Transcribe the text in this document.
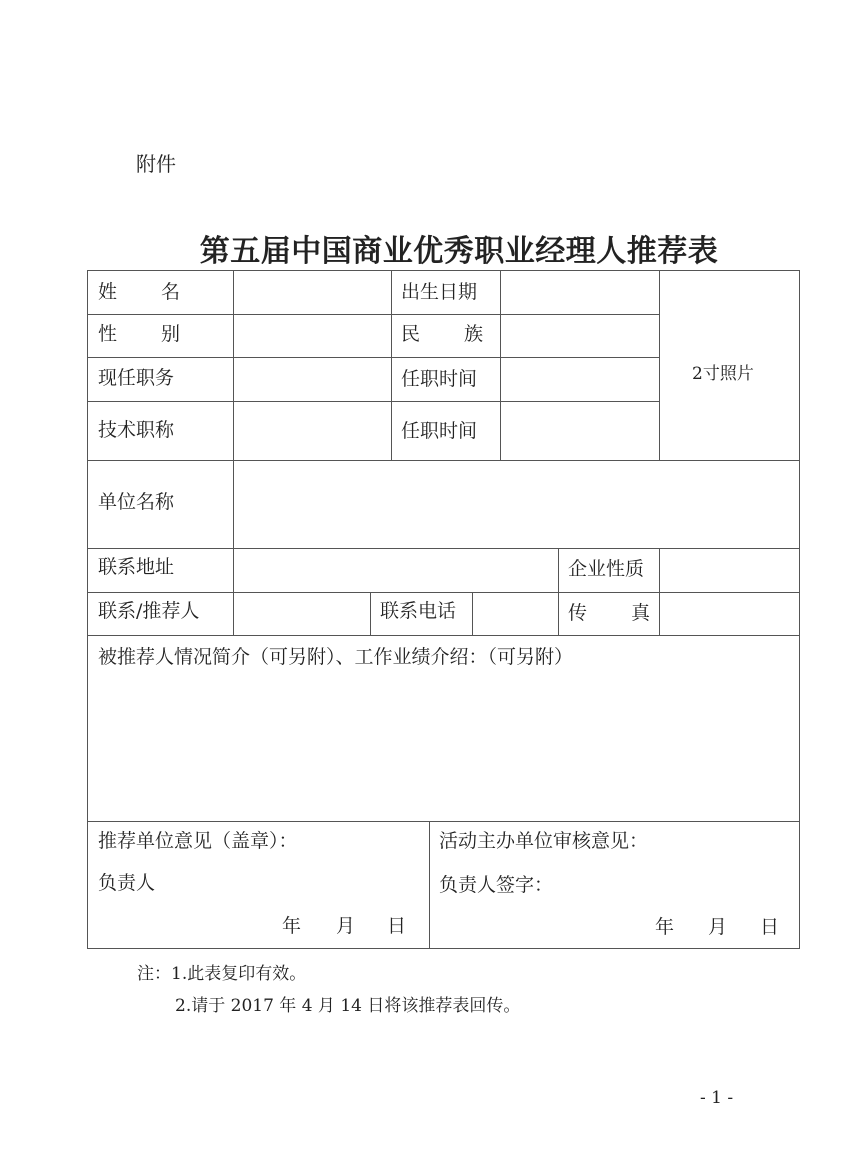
附件
第五届中国商业优秀职业经理人推荐表
姓 名	出生日期
性 别	民 族
现任职务	任职时间
技术职称	任职时间
2寸照片
单位名称
联系地址	企业性质
联系/推荐人	联系电话	传 真
被推荐人情况简介（可另附）、工作业绩介绍：（可另附）
推荐单位意见（盖章）：
负责人
年 月 日
活动主办单位审核意见：
负责人签字：
年 月 日
注：1.此表复印有效。
2.请于 2017 年 4 月 14 日将该推荐表回传。
- 1 -
